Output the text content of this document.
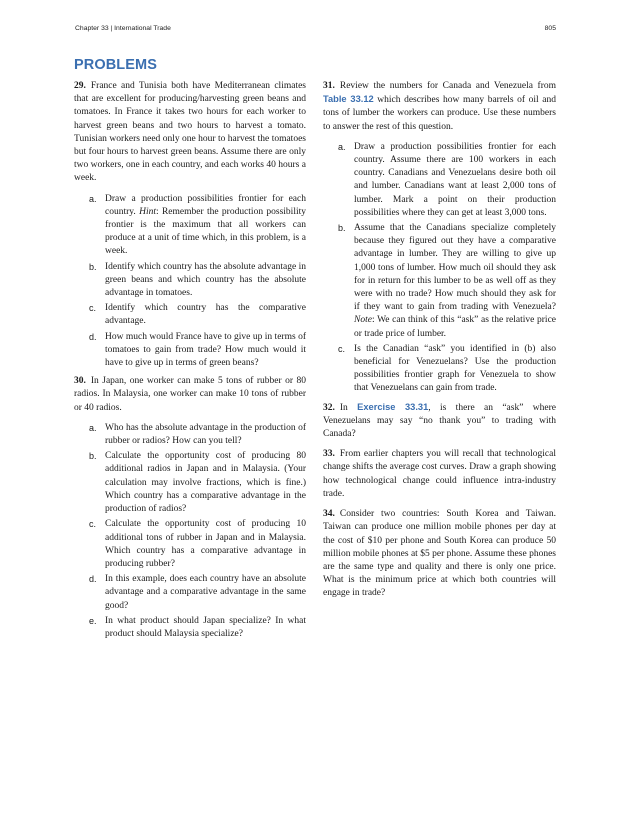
Chapter 33 | International Trade	805
PROBLEMS

29. France and Tunisia both have Mediterranean climates that are excellent for producing/harvesting green beans and tomatoes. In France it takes two hours for each worker to harvest green beans and two hours to harvest a tomato. Tunisian workers need only one hour to harvest the tomatoes but four hours to harvest green beans. Assume there are only two workers, one in each country, and each works 40 hours a week.

a. Draw a production possibilities frontier for each country. Hint: Remember the production possibility frontier is the maximum that all workers can produce at a unit of time which, in this problem, is a week.
b. Identify which country has the absolute advantage in green beans and which country has the absolute advantage in tomatoes.
c. Identify which country has the comparative advantage.
d. How much would France have to give up in terms of tomatoes to gain from trade? How much would it have to give up in terms of green beans?

30. In Japan, one worker can make 5 tons of rubber or 80 radios. In Malaysia, one worker can make 10 tons of rubber or 40 radios.

a. Who has the absolute advantage in the production of rubber or radios? How can you tell?
b. Calculate the opportunity cost of producing 80 additional radios in Japan and in Malaysia. (Your calculation may involve fractions, which is fine.) Which country has a comparative advantage in the production of radios?
c. Calculate the opportunity cost of producing 10 additional tons of rubber in Japan and in Malaysia. Which country has a comparative advantage in producing rubber?
d. In this example, does each country have an absolute advantage and a comparative advantage in the same good?
e. In what product should Japan specialize? In what product should Malaysia specialize?

31. Review the numbers for Canada and Venezuela from Table 33.12 which describes how many barrels of oil and tons of lumber the workers can produce. Use these numbers to answer the rest of this question.

a. Draw a production possibilities frontier for each country. Assume there are 100 workers in each country. Canadians and Venezuelans desire both oil and lumber. Canadians want at least 2,000 tons of lumber. Mark a point on their production possibilities where they can get at least 3,000 tons.
b. Assume that the Canadians specialize completely because they figured out they have a comparative advantage in lumber. They are willing to give up 1,000 tons of lumber. How much oil should they ask for in return for this lumber to be as well off as they were with no trade? How much should they ask for if they want to gain from trading with Venezuela? Note: We can think of this “ask” as the relative price or trade price of lumber.
c. Is the Canadian “ask” you identified in (b) also beneficial for Venezuelans? Use the production possibilities frontier graph for Venezuela to show that Venezuelans can gain from trade.

32. In Exercise 33.31, is there an “ask” where Venezuelans may say “no thank you” to trading with Canada?

33. From earlier chapters you will recall that technological change shifts the average cost curves. Draw a graph showing how technological change could influence intra-industry trade.

34. Consider two countries: South Korea and Taiwan. Taiwan can produce one million mobile phones per day at the cost of $10 per phone and South Korea can produce 50 million mobile phones at $5 per phone. Assume these phones are the same type and quality and there is only one price. What is the minimum price at which both countries will engage in trade?
